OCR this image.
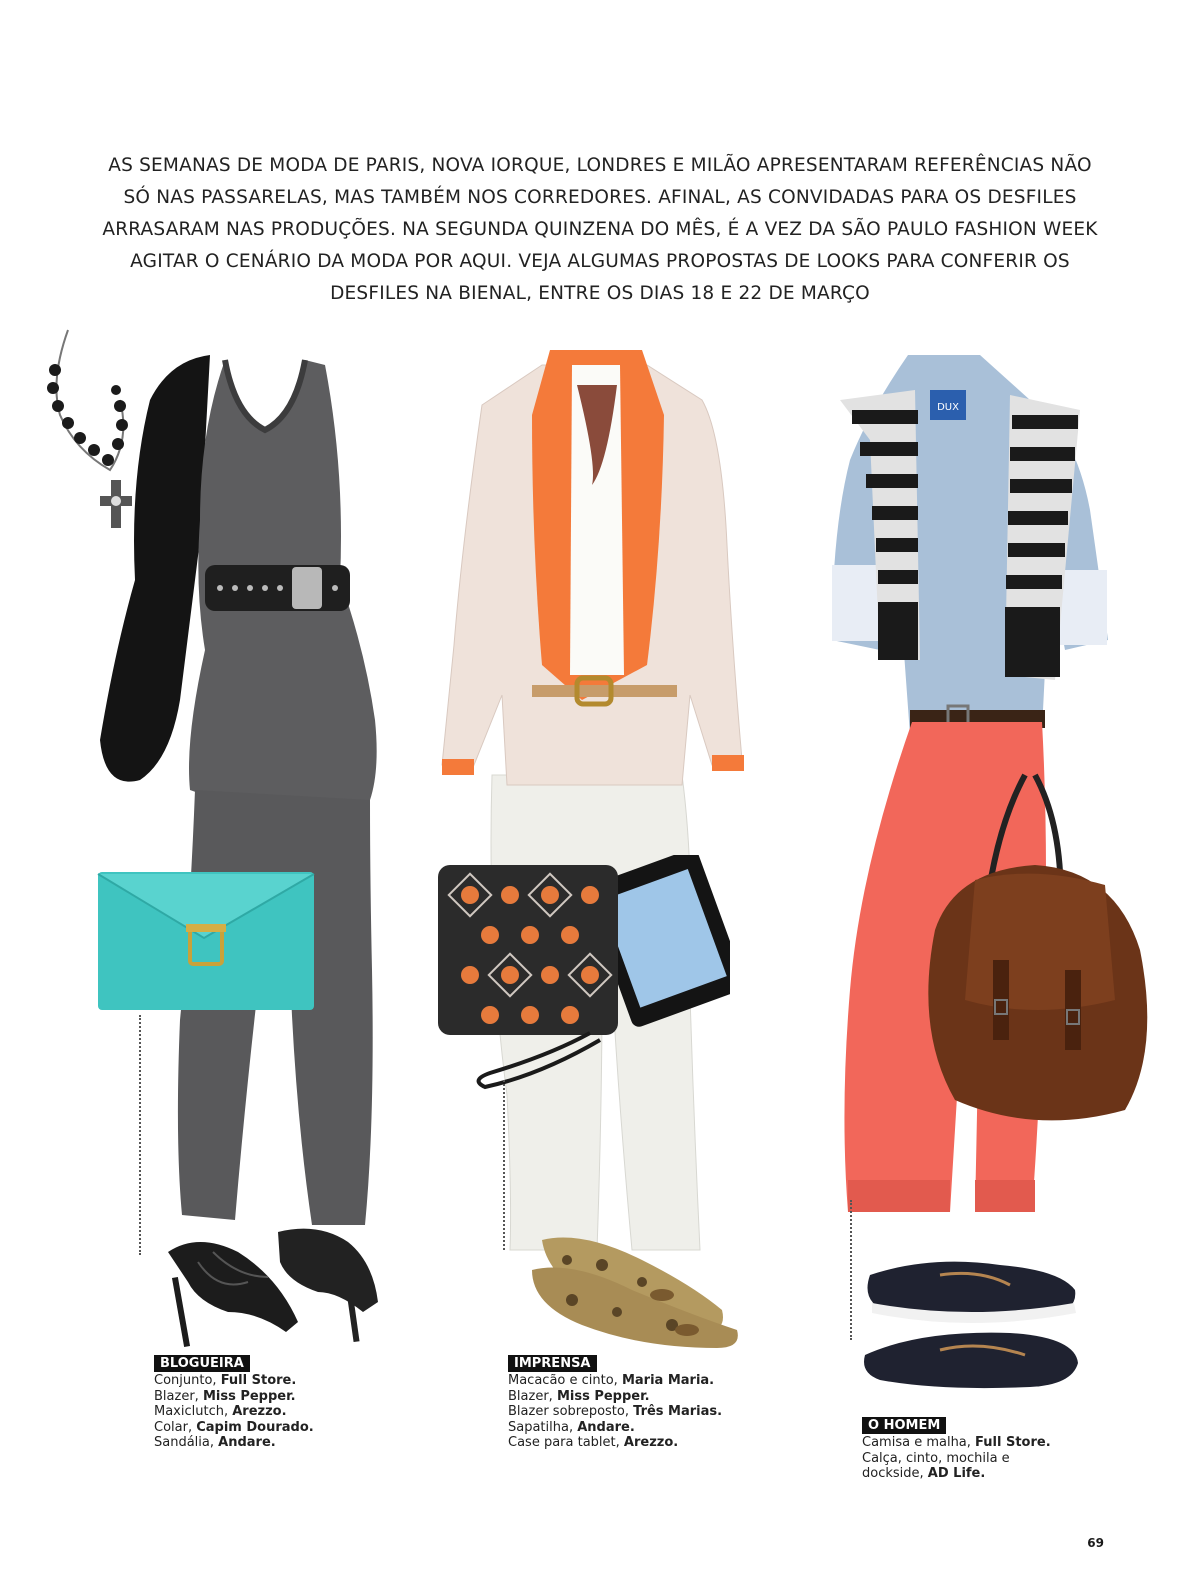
AS SEMANAS DE MODA DE PARIS, NOVA IORQUE, LONDRES E MILÃO APRESENTARAM REFERÊNCIAS NÃO
SÓ NAS PASSARELAS, MAS TAMBÉM NOS CORREDORES. AFINAL, AS CONVIDADAS PARA OS DESFILES
ARRASARAM NAS PRODUÇÕES. NA SEGUNDA QUINZENA DO MÊS, É A VEZ DA SÃO PAULO FASHION WEEK
AGITAR O CENÁRIO DA MODA POR AQUI. VEJA ALGUMAS PROPOSTAS DE LOOKS PARA CONFERIR OS
DESFILES NA BIENAL, ENTRE OS DIAS 18 E 22 DE MARÇO
DUX
BLOGUEIRA
Conjunto, Full Store.
Blazer, Miss Pepper.
Maxiclutch, Arezzo.
Colar, Capim Dourado.
Sandália, Andare.
IMPRENSA
Macacão e cinto, Maria Maria.
Blazer, Miss Pepper.
Blazer sobreposto, Três Marias.
Sapatilha, Andare.
Case para tablet, Arezzo.
O HOMEM
Camisa e malha, Full Store.
Calça, cinto, mochila e
dockside, AD Life.
69
